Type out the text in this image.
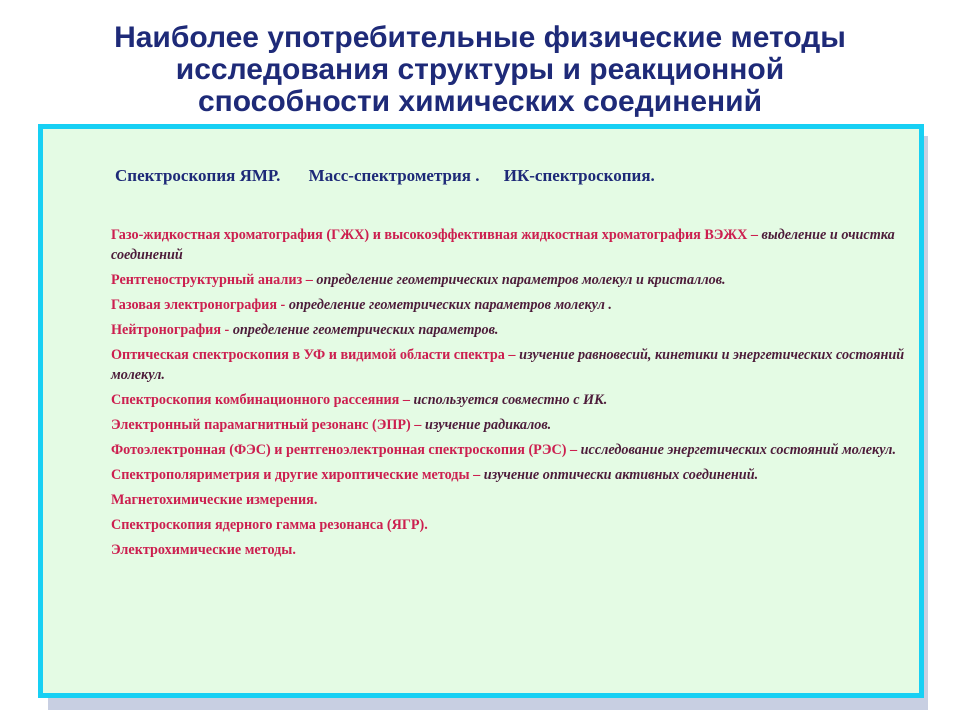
Наиболее употребительные физические методы
исследования структуры и реакционной
способности химических соединений
Спектроскопия ЯМР. Масс-спектрометрия . ИК-спектроскопия.
Газо-жидкостная хроматография (ГЖХ) и высокоэффективная жидкостная хроматография ВЭЖХ – выделение и очистка соединений
Рентгеноструктурный анализ – определение геометрических параметров молекул и кристаллов.
Газовая электронография - определение геометрических параметров молекул .
Нейтронография - определение геометрических параметров.
Оптическая спектроскопия в УФ и видимой области спектра – изучение равновесий, кинетики и энергетических состояний молекул.
Спектроскопия комбинационного рассеяния – используется совместно с ИК.
Электронный парамагнитный резонанс (ЭПР) – изучение радикалов.
Фотоэлектронная (ФЭС) и рентгеноэлектронная спектроскопия (РЭС) – исследование энергетических состояний молекул.
Спектрополяриметрия и другие хироптические методы – изучение оптически активных соединений.
Магнетохимические измерения.
Спектроскопия ядерного гамма резонанса (ЯГР).
Электрохимические методы.
